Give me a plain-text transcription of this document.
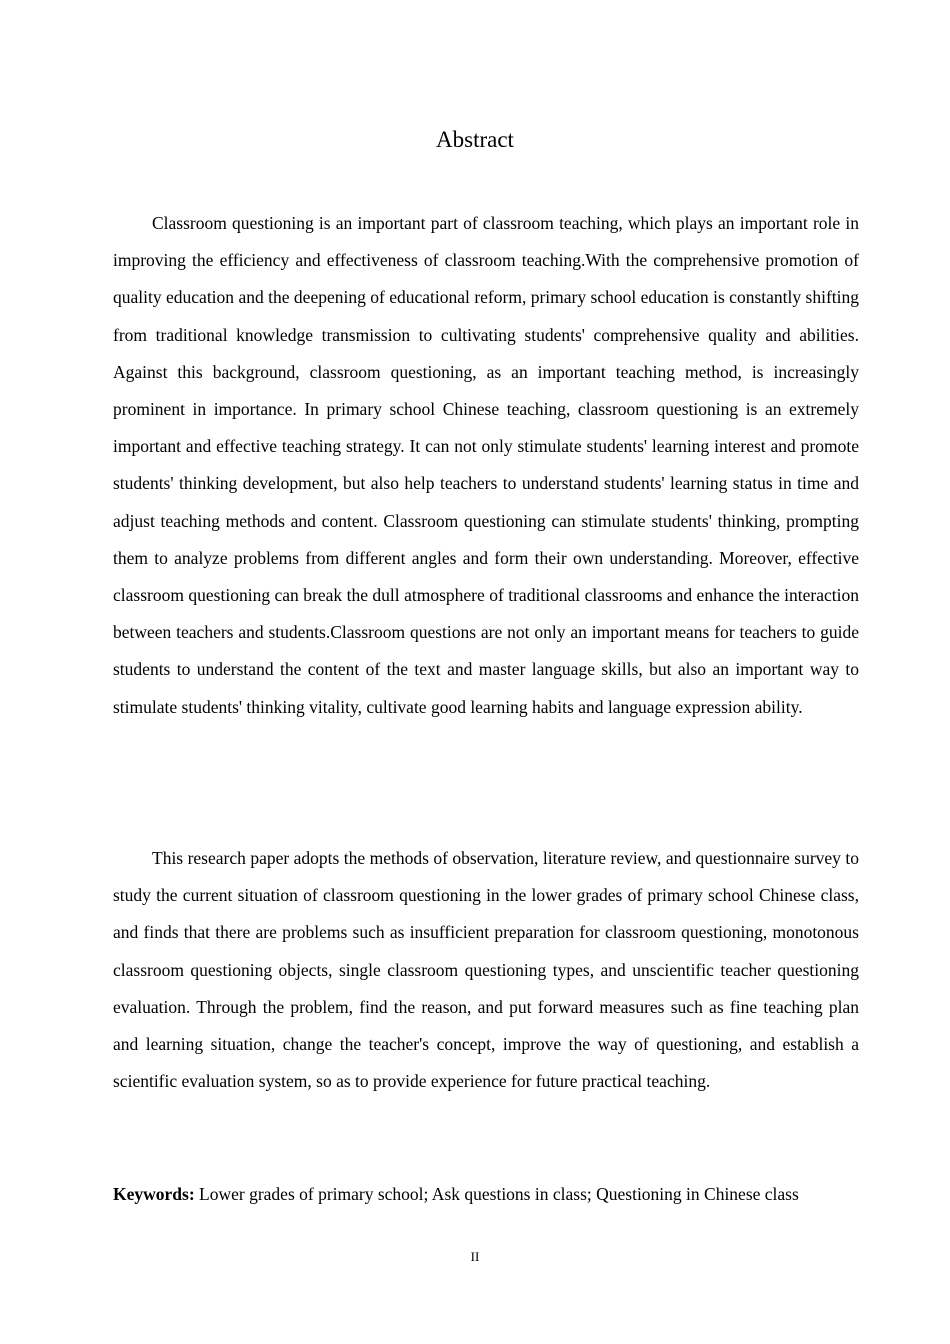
Abstract

Classroom questioning is an important part of classroom teaching, which plays an important role in improving the efficiency and effectiveness of classroom teaching.With the comprehensive promotion of quality education and the deepening of educational reform, primary school education is constantly shifting from traditional knowledge transmission to cultivating students' comprehensive quality and abilities. Against this background, classroom questioning, as an important teaching method, is increasingly prominent in importance. In primary school Chinese teaching, classroom questioning is an extremely important and effective teaching strategy. It can not only stimulate students' learning interest and promote students' thinking development, but also help teachers to understand students' learning status in time and adjust teaching methods and content. Classroom questioning can stimulate students' thinking, prompting them to analyze problems from different angles and form their own understanding. Moreover, effective classroom questioning can break the dull atmosphere of traditional classrooms and enhance the interaction between teachers and students.Classroom questions are not only an important means for teachers to guide students to understand the content of the text and master language skills, but also an important way to stimulate students' thinking vitality, cultivate good learning habits and language expression ability.

This research paper adopts the methods of observation, literature review, and questionnaire survey to study the current situation of classroom questioning in the lower grades of primary school Chinese class, and finds that there are problems such as insufficient preparation for classroom questioning, monotonous classroom questioning objects, single classroom questioning types, and unscientific teacher questioning evaluation. Through the problem, find the reason, and put forward measures such as fine teaching plan and learning situation, change the teacher's concept, improve the way of questioning, and establish a scientific evaluation system, so as to provide experience for future practical teaching.

Keywords: Lower grades of primary school; Ask questions in class; Questioning in Chinese class
II
